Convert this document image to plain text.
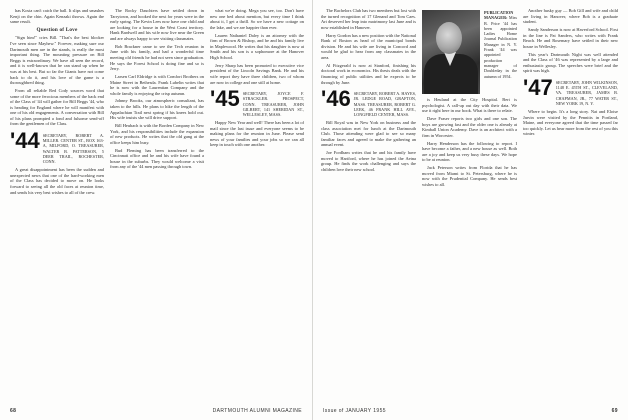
has Kosta can't catch the ball. It slips and smashes Kenji on the chin. Again Kenzaki throws. Again the same result.

Question of Love

"Sign him!" cries Bill. "That's the best blocker I've seen since Mayhew." Forever, making sure our Dartmouth men are in the stands, is really the most important thing. The mounting pressure on Bill Beggs is extraordinary. We have all seen the record, and it is well-known that he can stand up when he was at his best. But so far the Giants have not come back to do it, and his love of the game is a thoroughbred thing.

From all reliable Red Cody sources word that some of the more ferocious members of the back end of the Class of '44 will gather for Bill Beggs '44, who is heading for England where he will manifest with one of his old engagements. A conversation with Bill of his plans prompted a fond and fulsome send-off from the gentlemen of the Class.

'44 SECRETARY, ROBERT A. MILLER. CENTER ST., BOX 163-A, MILFORD, O. TREASURER, WALTER B. PATTERSON, 5 DEER TRAIL, ROCHESTER, CONN.

A great disappointment has been the sudden and unexpected news that one of the hard-working men of the Class has decided to move on. He looks forward to seeing all the old faces at reunion time, and sends his very best wishes to all of the crew.

The Rocky Dauchters have settled down in Tarrytown, and hooked the next for years were in the early spring. The Kevin Lees now have one child and are looking for a house in the West Coast territory. Hank Bardwell and his wife now live near the Green and are always happy to see visiting classmates.

Bob Brackner came to see the Tech reunion in June with his family, and had a wonderful time meeting old friends he had not seen since graduation. He says the Forest School is doing fine and so is Jerry.

Larsen Carl Eldridge is with Comfort Brothers on Maine Street in Bethesda. Frank Lubelin writes that he is now with the Laurentian Company and the whole family is enjoying the crisp autumn.

Johnny Brooks, our atmospheric consultant, has taken to the hills. He plans to hike the length of the Appalachian Trail next spring if his knees hold out. His wife insists she will drive support.

Bill Heubach is with the Borden Company in New York, and his responsibilities include the expansion of new products. He writes that the old gang at the office keeps him busy.

Bud Fleming has been transferred to the Cincinnati office and he and his wife have found a house in the suburbs. They would welcome a visit from any of the '44 men passing through town.

what we're doing. Mega you see, too. Don't have new one bed about mention, but every time I think about it, I get a thrill. So we have a new cottage on the lake, and we are happier than ever.

Lauren Nathaniel Daley is an attorney with the firm of Brown & Bishop, and he and his family live in Maplewood. He writes that his daughter is now at Smith and his son is a sophomore at the Hanover High School.

Jerry Sharp has been promoted to executive vice president of the Lincoln Savings Bank. He and his wife report they have three children, two of whom are now in college and one still at home.

'45 SECRETARY, JOYCE F. STRACKLER. PROSPECT, CONN. TREASURER, JOHN GILBERT, 141 SHERIDAN ST., WELLESLEY, MASS.

Happy New Year and well! There has been a lot of mail since the last issue and everyone seems to be making plans for the reunion in June. Please send news of your families and your jobs so we can all keep in touch with one another.

68	DARTMOUTH ALUMNI MAGAZINE

The Bachelors Club has two members but lost with the turned recognition of 17 Glenand and Tom Caes. Art deserved her leap into matrimony last June and is now established in Hanover.

Harry Gordon has a new position with the National Bank of Boston as head of the municipal bonds division. He and his wife are living in Concord and would be glad to hear from any classmates in the area.

Al Fitzgerald is now at Stanford, finishing his doctoral work in economics. His thesis deals with the financing of public utilities and he expects to be through by June.

'46 SECRETARY, ROBERT A. HAYES, JR. LEDGE ROAD, GRAFTON, MASS. TREASURER, ROBERT G. LEEK, 46 FRANK HILL AVE., LONGFIELD CENTER, MASS.

Bill Royal was in New York on business and the class association met for lunch at the Dartmouth Club. Those attending were glad to see so many familiar faces and agreed to make the gathering an annual event.

Joe Fordham writes that he and his family have moved to Hartford, where he has joined the Aetna group. He finds the work challenging and says the children love their new school.

PUBLICATION MANAGER: Miss B. Price '44 has been appointed Ladies Home Journal Publication Manager in N. Y. Frank '44 was appointed production manager of Doubleday in the autumn of 1954.

is Heuland at the City Hospital. Bert is psychologist. A call-up out day with their data. We use it right here in our book. What is there to relate.

Dave Fraser reports two girls and one son. The boys are growing fast and the older one is already at Kimball Union Academy. Dave is an architect with a firm in Worcester.

Harry Henderson has the following to report. I have become a father, and a new house as well. Both are a joy and keep us very busy these days. We hope to be at reunion.

Jack Peterson writes from Florida that he has moved from Miami to St. Petersburg, where he is now with the Prudential Company. He sends best wishes to all.

Another husky guy — Bob Gill and wife and child are living in Hanover, where Bob is a graduate student.

Sandy Sanderson is now at Haverford School. First in the line is Pat Sanders, who writes with Frank Beach. He and Rosemary have settled in their new house in Wellesley.

This year's Dartmouth Night was well attended and the Class of '46 was represented by a large and enthusiastic group. The speeches were brief and the spirit was high.

'47 SECRETARY, JOHN WILKINSON, 1148 E. 45TH ST., CLEVELAND, VA. TREASURER, JAMES B. CHAPMAN, JR., 77 WATER ST., NEW YORK 19, N. Y.

Where to begin. It's a long story. Nat and Eloise Jarvin were visited by the Pennitts in Portland, Maine, and everyone agreed that the time passed far too quickly. Let us hear more from the rest of you this winter.

Issue of JANUARY 1955	69
